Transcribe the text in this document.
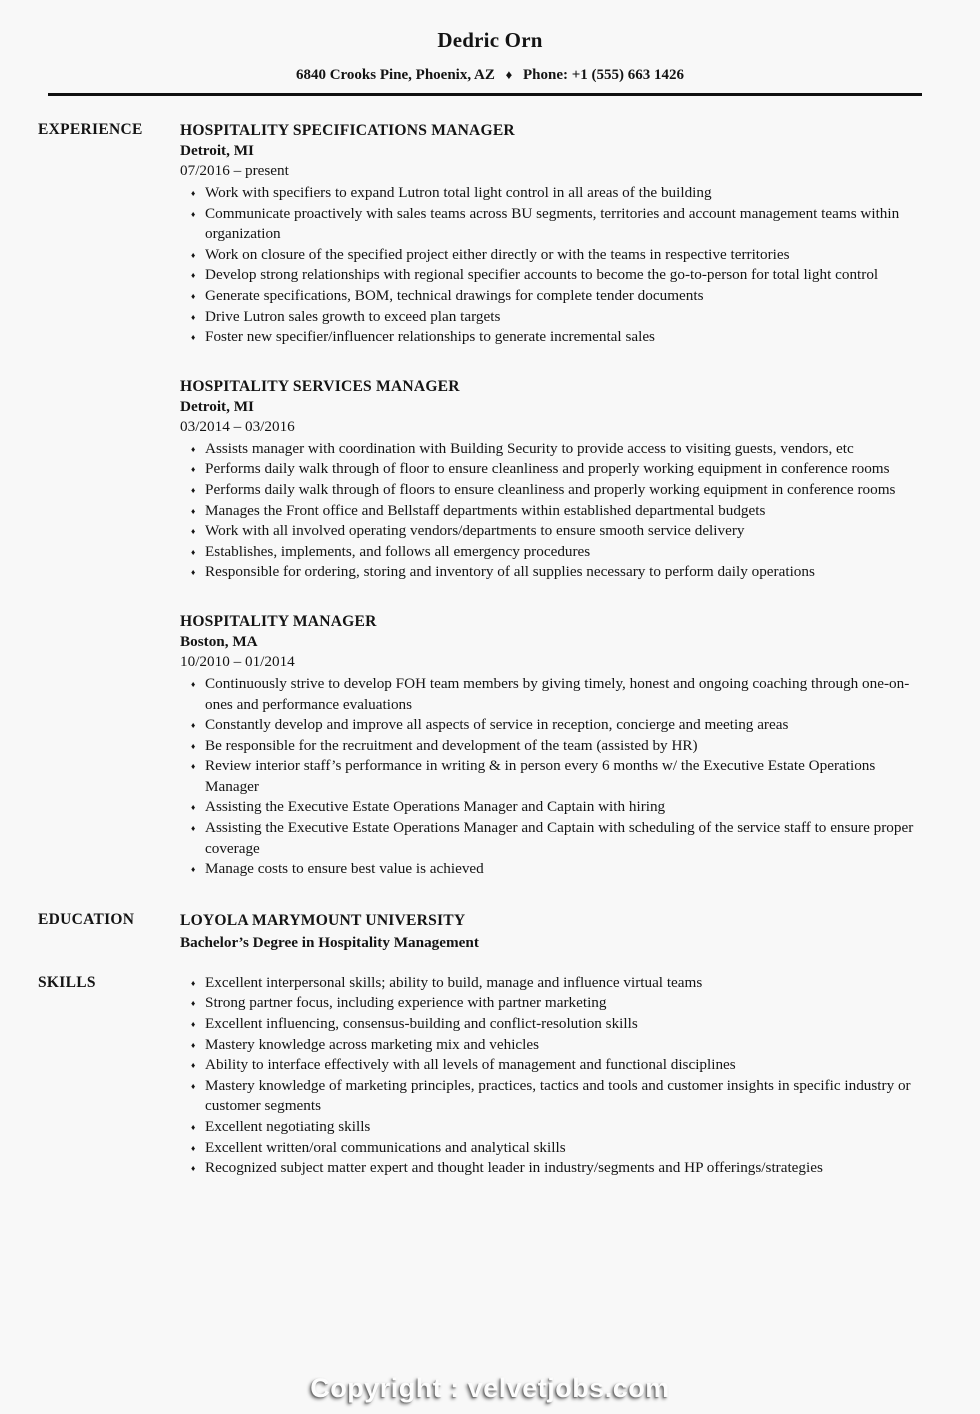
Dedric Orn
6840 Crooks Pine, Phoenix, AZ ♦ Phone: +1 (555) 663 1426
EXPERIENCE	HOSPITALITY SPECIFICATIONS MANAGER
Detroit, MI
07/2016 – present
♦ Work with specifiers to expand Lutron total light control in all areas of the building
♦ Communicate proactively with sales teams across BU segments, territories and account management teams within organization
♦ Work on closure of the specified project either directly or with the teams in respective territories
♦ Develop strong relationships with regional specifier accounts to become the go-to-person for total light control
♦ Generate specifications, BOM, technical drawings for complete tender documents
♦ Drive Lutron sales growth to exceed plan targets
♦ Foster new specifier/influencer relationships to generate incremental sales
HOSPITALITY SERVICES MANAGER
Detroit, MI
03/2014 – 03/2016
♦ Assists manager with coordination with Building Security to provide access to visiting guests, vendors, etc
♦ Performs daily walk through of floor to ensure cleanliness and properly working equipment in conference rooms
♦ Performs daily walk through of floors to ensure cleanliness and properly working equipment in conference rooms
♦ Manages the Front office and Bellstaff departments within established departmental budgets
♦ Work with all involved operating vendors/departments to ensure smooth service delivery
♦ Establishes, implements, and follows all emergency procedures
♦ Responsible for ordering, storing and inventory of all supplies necessary to perform daily operations
HOSPITALITY MANAGER
Boston, MA
10/2010 – 01/2014
♦ Continuously strive to develop FOH team members by giving timely, honest and ongoing coaching through one-on-ones and performance evaluations
♦ Constantly develop and improve all aspects of service in reception, concierge and meeting areas
♦ Be responsible for the recruitment and development of the team (assisted by HR)
♦ Review interior staff’s performance in writing & in person every 6 months w/ the Executive Estate Operations Manager
♦ Assisting the Executive Estate Operations Manager and Captain with hiring
♦ Assisting the Executive Estate Operations Manager and Captain with scheduling of the service staff to ensure proper coverage
♦ Manage costs to ensure best value is achieved
EDUCATION	LOYOLA MARYMOUNT UNIVERSITY
Bachelor’s Degree in Hospitality Management
SKILLS	♦ Excellent interpersonal skills; ability to build, manage and influence virtual teams
♦ Strong partner focus, including experience with partner marketing
♦ Excellent influencing, consensus-building and conflict-resolution skills
♦ Mastery knowledge across marketing mix and vehicles
♦ Ability to interface effectively with all levels of management and functional disciplines
♦ Mastery knowledge of marketing principles, practices, tactics and tools and customer insights in specific industry or customer segments
♦ Excellent negotiating skills
♦ Excellent written/oral communications and analytical skills
♦ Recognized subject matter expert and thought leader in industry/segments and HP offerings/strategies
Copyright : velvetjobs.com
